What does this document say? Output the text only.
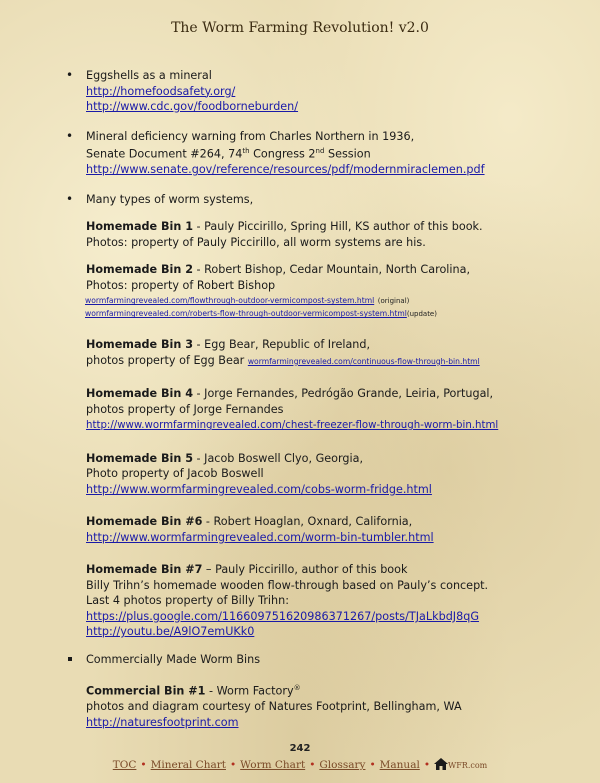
The Worm Farming Revolution! v2.0
• Eggshells as a mineral
http://homefoodsafety.org/
http://www.cdc.gov/foodborneburden/
• Mineral deficiency warning from Charles Northern in 1936,
Senate Document #264, 74th Congress 2nd Session
http://www.senate.gov/reference/resources/pdf/modernmiraclemen.pdf
• Many types of worm systems,
Homemade Bin 1 - Pauly Piccirillo, Spring Hill, KS author of this book.
Photos: property of Pauly Piccirillo, all worm systems are his.
Homemade Bin 2 - Robert Bishop, Cedar Mountain, North Carolina,
Photos: property of Robert Bishop
wormfarmingrevealed.com/flowthrough-outdoor-vermicompost-system.html (original)
wormfarmingrevealed.com/roberts-flow-through-outdoor-vermicompost-system.html(update)
Homemade Bin 3 - Egg Bear, Republic of Ireland,
photos property of Egg Bear wormfarmingrevealed.com/continuous-flow-through-bin.html
Homemade Bin 4 - Jorge Fernandes, Pedrógão Grande, Leiria, Portugal,
photos property of Jorge Fernandes
http://www.wormfarmingrevealed.com/chest-freezer-flow-through-worm-bin.html
Homemade Bin 5 - Jacob Boswell Clyo, Georgia,
Photo property of Jacob Boswell
http://www.wormfarmingrevealed.com/cobs-worm-fridge.html
Homemade Bin #6 - Robert Hoaglan, Oxnard, California,
http://www.wormfarmingrevealed.com/worm-bin-tumbler.html
Homemade Bin #7 – Pauly Piccirillo, author of this book
Billy Trihn’s homemade wooden flow-through based on Pauly’s concept.
Last 4 photos property of Billy Trihn:
https://plus.google.com/116609751620986371267/posts/TJaLkbdJ8qG
http://youtu.be/A9lO7emUKk0
Commercially Made Worm Bins
Commercial Bin #1 - Worm Factory®
photos and diagram courtesy of Natures Footprint, Bellingham, WA
http://naturesfootprint.com
242
TOC • Mineral Chart • Worm Chart • Glossary • Manual • WFR.com
